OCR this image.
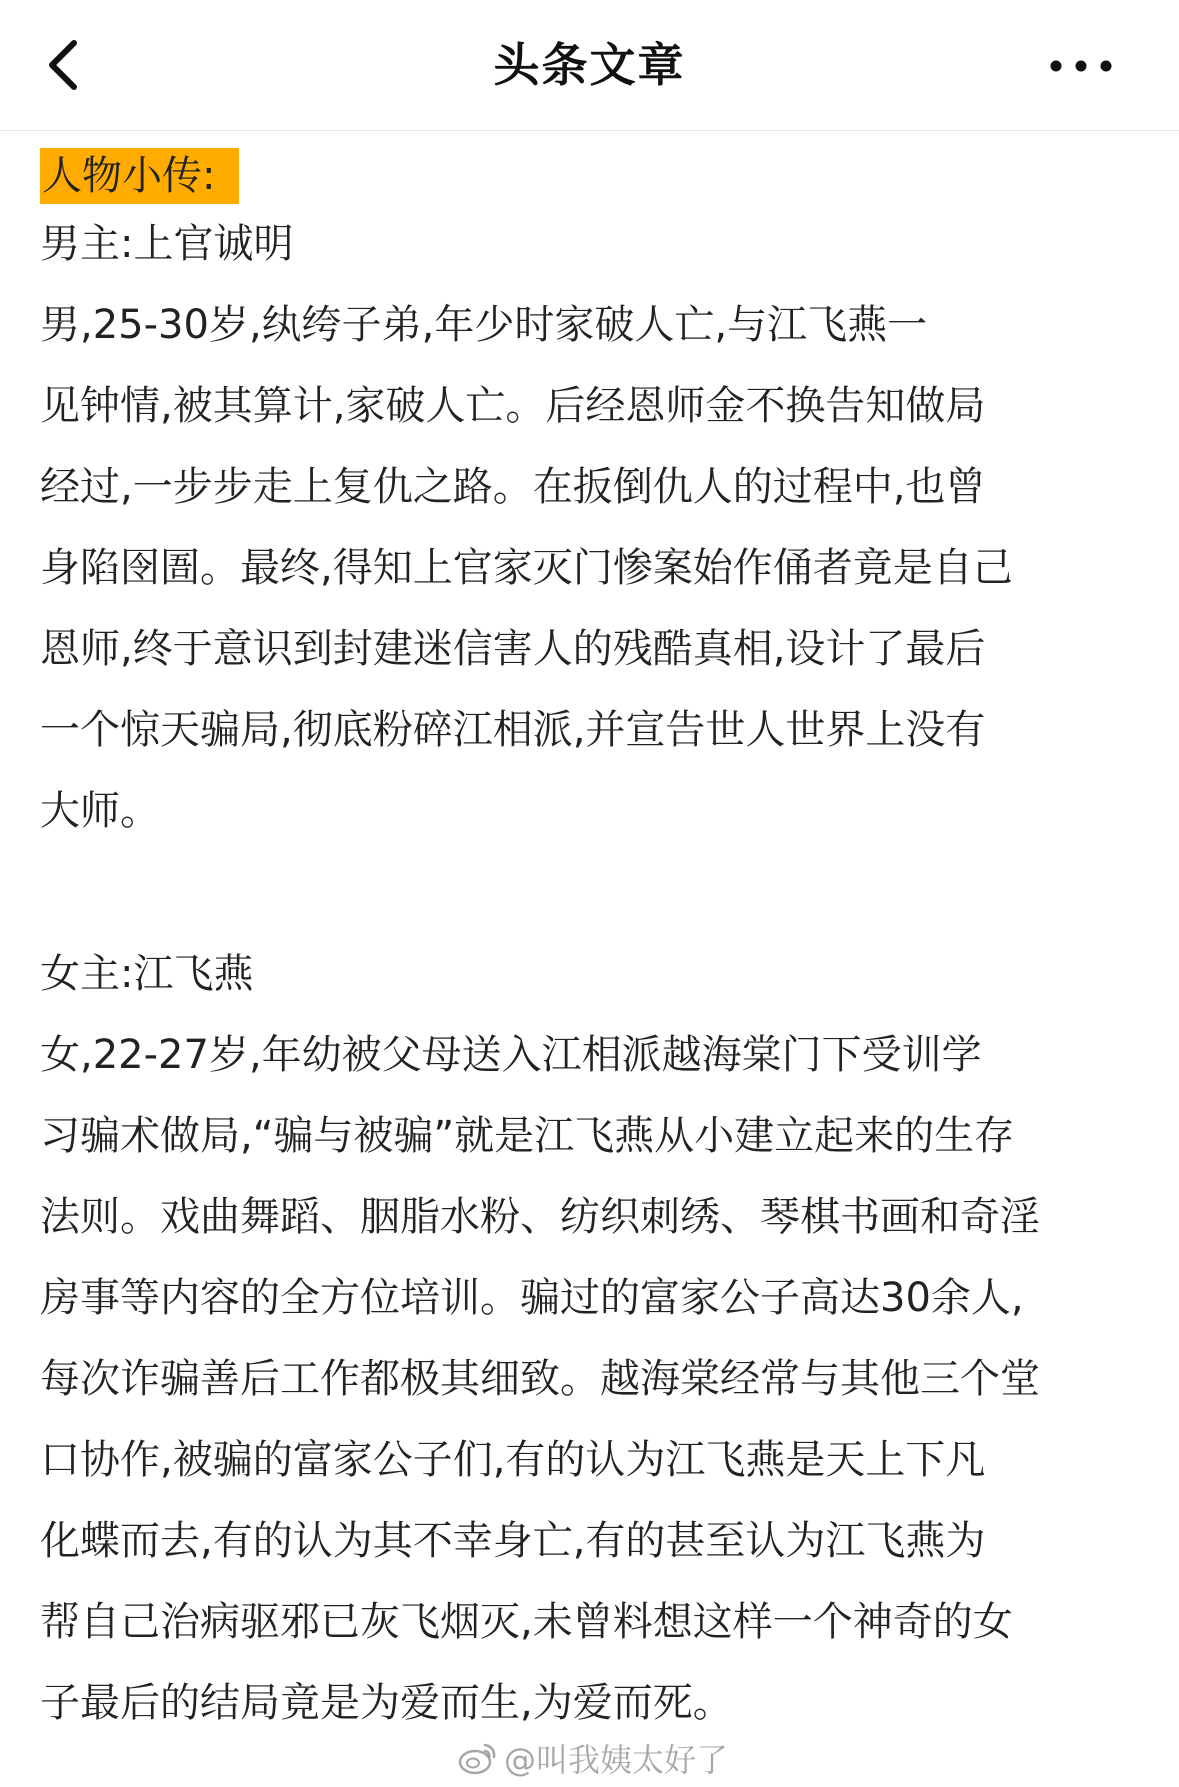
头条文章
人物小传:
男主:上官诚明
男,25-30岁,纨绔子弟,年少时家破人亡,与江飞燕一
见钟情,被其算计,家破人亡。后经恩师金不换告知做局
经过,一步步走上复仇之路。在扳倒仇人的过程中,也曾
身陷囹圄。最终,得知上官家灭门惨案始作俑者竟是自己
恩师,终于意识到封建迷信害人的残酷真相,设计了最后
一个惊天骗局,彻底粉碎江相派,并宣告世人世界上没有
大师。
女主:江飞燕
女,22-27岁,年幼被父母送入江相派越海棠门下受训学
习骗术做局,“骗与被骗”就是江飞燕从小建立起来的生存
法则。戏曲舞蹈、胭脂水粉、纺织刺绣、琴棋书画和奇淫
房事等内容的全方位培训。骗过的富家公子高达30余人,
每次诈骗善后工作都极其细致。越海棠经常与其他三个堂
口协作,被骗的富家公子们,有的认为江飞燕是天上下凡
化蝶而去,有的认为其不幸身亡,有的甚至认为江飞燕为
帮自己治病驱邪已灰飞烟灭,未曾料想这样一个神奇的女
子最后的结局竟是为爱而生,为爱而死。
@叫我姨太好了
